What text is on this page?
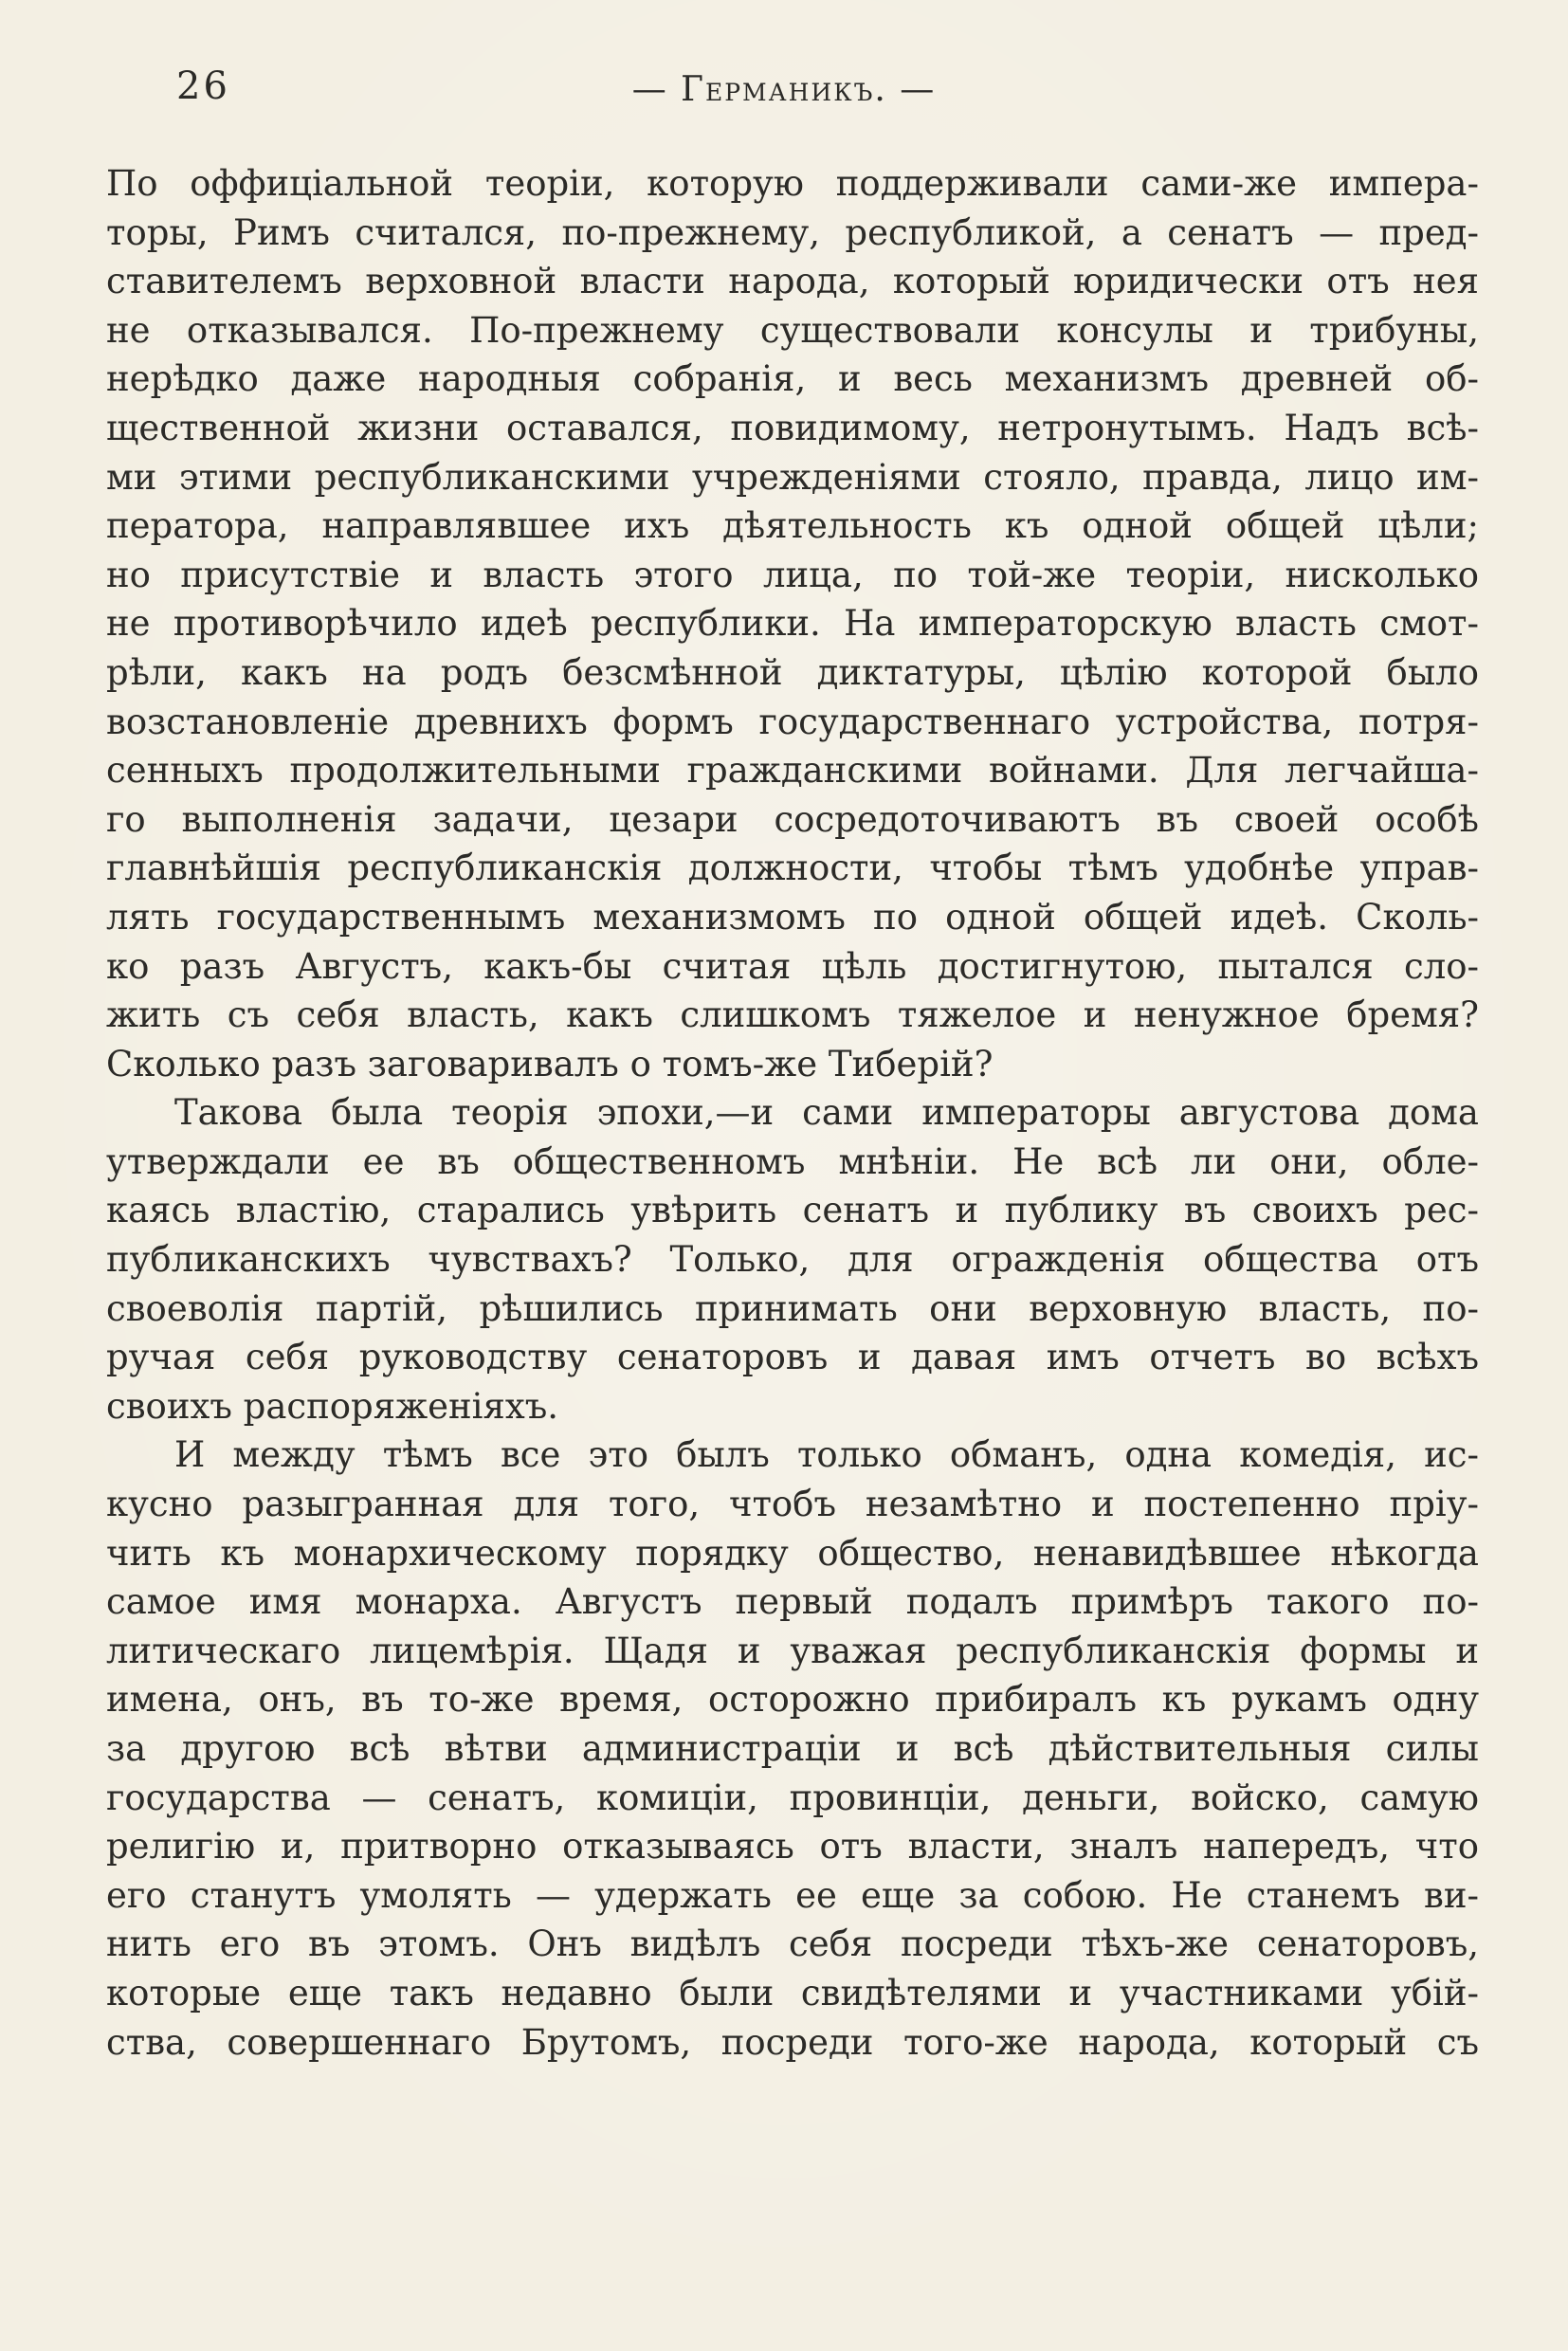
26	— Германикъ. —
По оффиціальной теоріи, которую поддерживали сами-же импера-
торы, Римъ считался, по-прежнему, республикой, а сенатъ — пред-
ставителемъ верховной власти народа, который юридически отъ нея
не отказывался. По-прежнему существовали консулы и трибуны,
нерѣдко даже народныя собранія, и весь механизмъ древней об-
щественной жизни оставался, повидимому, нетронутымъ. Надъ всѣ-
ми этими республиканскими учрежденіями стояло, правда, лицо им-
ператора, направлявшее ихъ дѣятельность къ одной общей цѣли;
но присутствіе и власть этого лица, по той-же теоріи, нисколько
не противорѣчило идеѣ республики. На императорскую власть смот-
рѣли, какъ на родъ безсмѣнной диктатуры, цѣлію которой было
возстановленіе древнихъ формъ государственнаго устройства, потря-
сенныхъ продолжительными гражданскими войнами. Для легчайша-
го выполненія задачи, цезари сосредоточиваютъ въ своей особѣ
главнѣйшія республиканскія должности, чтобы тѣмъ удобнѣе управ-
лять государственнымъ механизмомъ по одной общей идеѣ. Сколь-
ко разъ Августъ, какъ-бы считая цѣль достигнутою, пытался сло-
жить съ себя власть, какъ слишкомъ тяжелое и ненужное бремя?
Сколько разъ заговаривалъ о томъ-же Тиберій?
Такова была теорія эпохи,—и сами императоры августова дома
утверждали ее въ общественномъ мнѣніи. Не всѣ ли они, обле-
каясь властію, старались увѣрить сенатъ и публику въ своихъ рес-
публиканскихъ чувствахъ? Только, для огражденія общества отъ
своеволія партій, рѣшились принимать они верховную власть, по-
ручая себя руководству сенаторовъ и давая имъ отчетъ во всѣхъ
своихъ распоряженіяхъ.
И между тѣмъ все это былъ только обманъ, одна комедія, ис-
кусно разыгранная для того, чтобъ незамѣтно и постепенно пріу-
чить къ монархическому порядку общество, ненавидѣвшее нѣкогда
самое имя монарха. Августъ первый подалъ примѣръ такого по-
литическаго лицемѣрія. Щадя и уважая республиканскія формы и
имена, онъ, въ то-же время, осторожно прибиралъ къ рукамъ одну
за другою всѣ вѣтви администраціи и всѣ дѣйствительныя силы
государства — сенатъ, комиціи, провинціи, деньги, войско, самую
религію и, притворно отказываясь отъ власти, зналъ напередъ, что
его станутъ умолять — удержать ее еще за собою. Не станемъ ви-
нить его въ этомъ. Онъ видѣлъ себя посреди тѣхъ-же сенаторовъ,
которые еще такъ недавно были свидѣтелями и участниками убій-
ства, совершеннаго Брутомъ, посреди того-же народа, который съ
